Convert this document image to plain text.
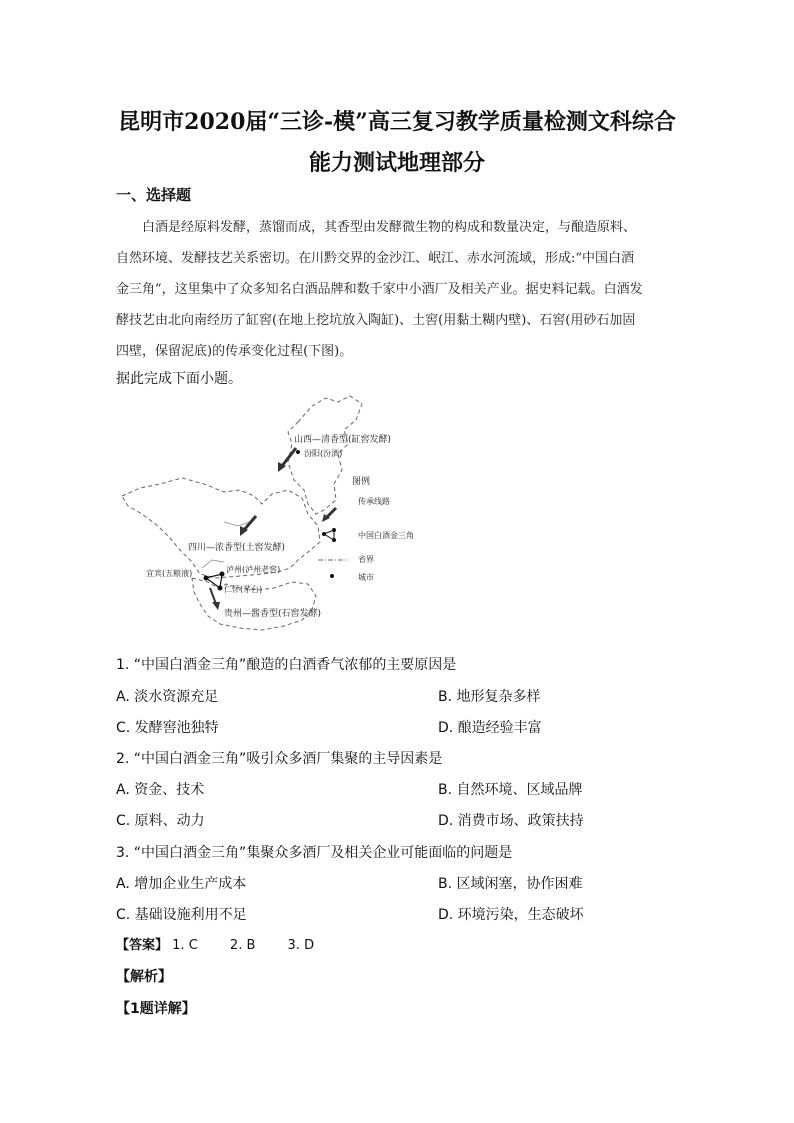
昆明市2020届“三诊-模”高三复习教学质量检测文科综合
能力测试地理部分
一、选择题

白酒是经原料发酵，蒸馏而成，其香型由发酵微生物的构成和数量决定，与酿造原料、

自然环境、发酵技艺关系密切。在川黔交界的金沙江、岷江、赤水河流域，形成:“中国白酒

金三角”，这里集中了众多知名白酒品牌和数千家中小酒厂及相关产业。据史料记载。白酒发

酵技艺由北向南经历了缸窖(在地上挖坑放入陶缸)、土窖(用黏土糊内壁)、石窖(用砂石加固

四壁，保留泥底)的传承变化过程(下图)。

据此完成下面小题。
山西—清香型(缸窖发酵)
汾阳(汾酒)
四川—浓香型(土窖发酵)
宜宾(五粮液)	泸州(泸州老窖)
仁怀(茅台)
贵州—酱香型(石窖发酵)
图例
传承线路
中国白酒金三角
省界
城市
1. “中国白酒金三角”酿造的白酒香气浓郁的主要原因是
A. 淡水资源充足	B. 地形复杂多样
C. 发酵窖池独特	D. 酿造经验丰富
2. “中国白酒金三角”吸引众多酒厂集聚的主导因素是
A. 资金、技术	B. 自然环境、区域品牌
C. 原料、动力	D. 消费市场、政策扶持
3. “中国白酒金三角”集聚众多酒厂及相关企业可能面临的问题是
A. 增加企业生产成本	B. 区域闲塞，协作困难
C. 基础设施利用不足	D. 环境污染，生态破坏
【答案】 1. C 2. B 3. D
【解析】
【1题详解】
